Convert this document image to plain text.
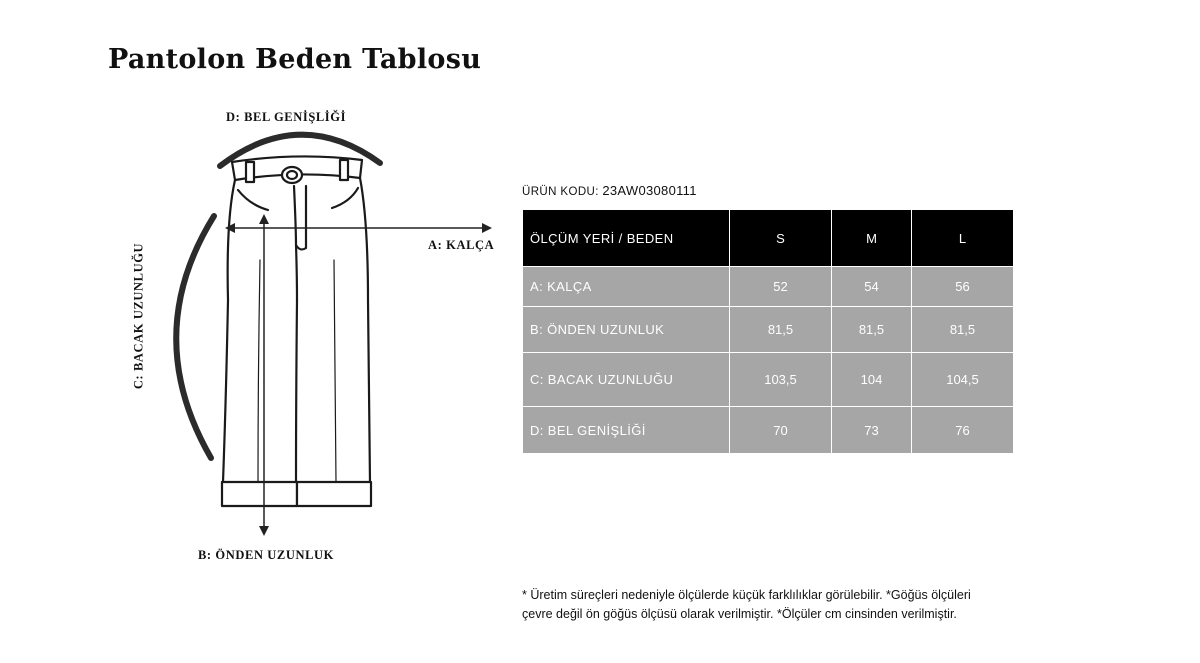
Pantolon Beden Tablosu
D: BEL GENİŞLİĞİ
A: KALÇA
B: ÖNDEN UZUNLUK
C: BACAK UZUNLUĞU
ÜRÜN KODU: 23AW03080111
ÖLÇÜM YERİ / BEDEN	S	M	L
A: KALÇA	52	54	56
B: ÖNDEN UZUNLUK	81,5	81,5	81,5
C: BACAK UZUNLUĞU	103,5	104	104,5
D: BEL GENİŞLİĞİ	70	73	76
* Üretim süreçleri nedeniyle ölçülerde küçük farklılıklar görülebilir. *Göğüs ölçüleri
çevre değil ön göğüs ölçüsü olarak verilmiştir. *Ölçüler cm cinsinden verilmiştir.
